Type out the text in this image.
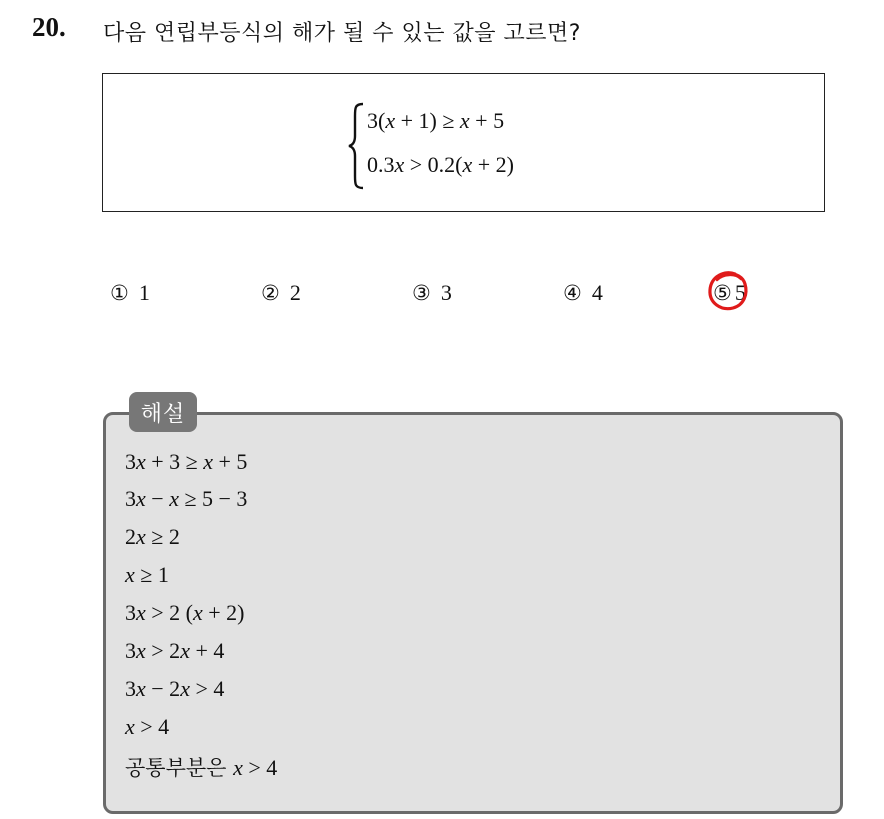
20. 다음 연립부등식의 해가 될 수 있는 값을 고르면?
3(x + 1) ≥ x + 5
0.3x > 0.2(x + 2)
① 1	② 2	③ 3	④ 4	⑤ 5
해설
3x + 3 ≥ x + 5
3x − x ≥ 5 − 3
2x ≥ 2
x ≥ 1
3x > 2 (x + 2)
3x > 2x + 4
3x − 2x > 4
x > 4
공통부분은 x > 4
